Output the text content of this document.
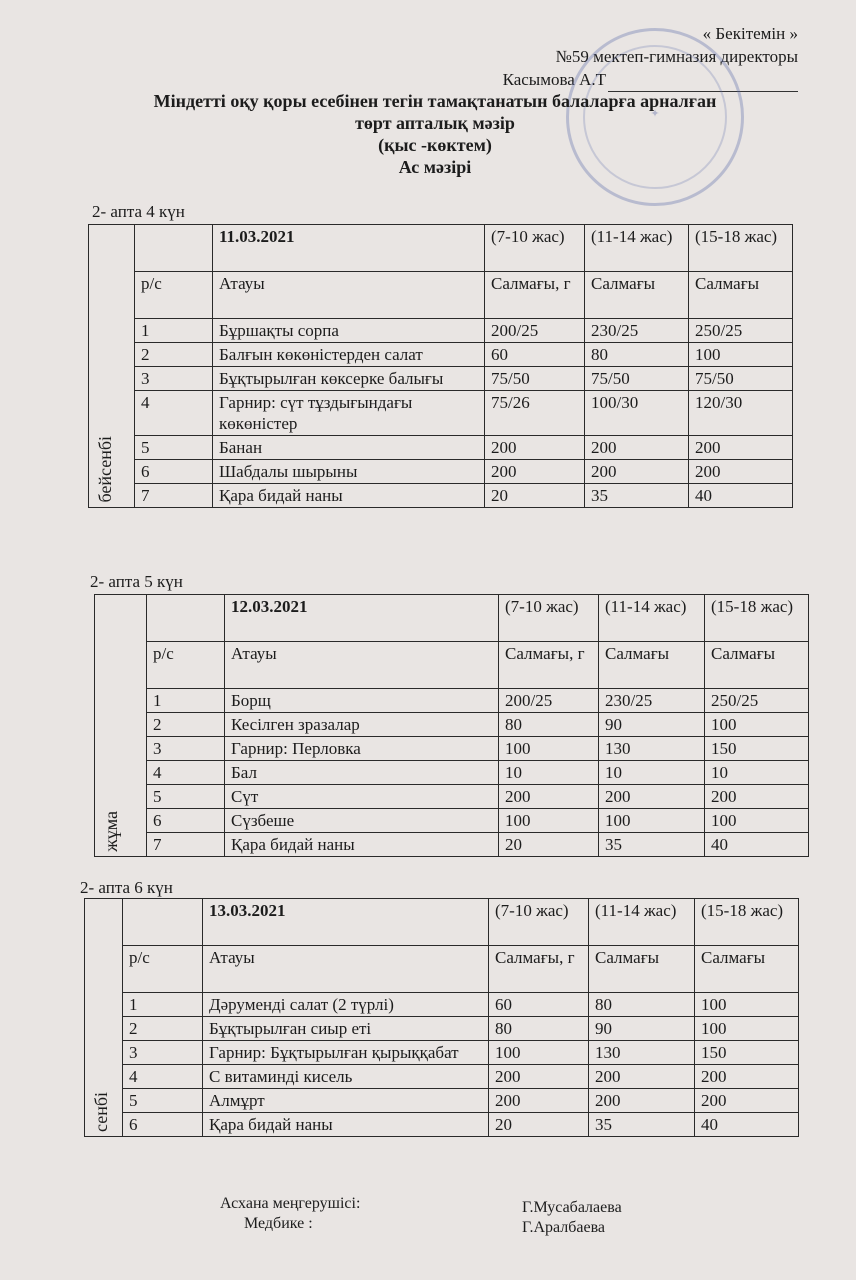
« Бекітемін »
№59 мектеп-гимназия директоры
Касымова А.Т
✦
Міндетті оқу қоры есебінен тегін тамақтанатын балаларға арналған
төрт апталық мәзір
(қыс -көктем)
Ас мәзірі
2- апта 4 күн
бейсенбі		11.03.2021	(7-10 жас)	(11-14 жас)	(15-18 жас)
	р/с	Атауы	Салмағы, г	Салмағы	Салмағы
	1	Бұршақты сорпа	200/25	230/25	250/25
	2	Балғын көкөністерден салат	60	80	100
	3	Бұқтырылған көксерке балығы	75/50	75/50	75/50
	4	Гарнир: сүт тұздығындағы көкөністер	75/26	100/30	120/30
	5	Банан	200	200	200
	6	Шабдалы шырыны	200	200	200
	7	Қара бидай наны	20	35	40
2- апта 5 күн
жұма		12.03.2021	(7-10 жас)	(11-14 жас)	(15-18 жас)
	р/с	Атауы	Салмағы, г	Салмағы	Салмағы
	1	Борщ	200/25	230/25	250/25
	2	Кесілген зразалар	80	90	100
	3	Гарнир: Перловка	100	130	150
	4	Бал	10	10	10
	5	Сүт	200	200	200
	6	Сүзбеше	100	100	100
	7	Қара бидай наны	20	35	40
2- апта 6 күн
сенбі		13.03.2021	(7-10 жас)	(11-14 жас)	(15-18 жас)
	р/с	Атауы	Салмағы, г	Салмағы	Салмағы
	1	Дәруменді салат (2 түрлі)	60	80	100
	2	Бұқтырылған сиыр еті	80	90	100
	3	Гарнир: Бұқтырылған қырыққабат	100	130	150
	4	С витаминді кисель	200	200	200
	5	Алмұрт	200	200	200
	6	Қара бидай наны	20	35	40
Асхана меңгерушісі:
Медбике :
Г.Мусабалаева
Г.Аралбаева
